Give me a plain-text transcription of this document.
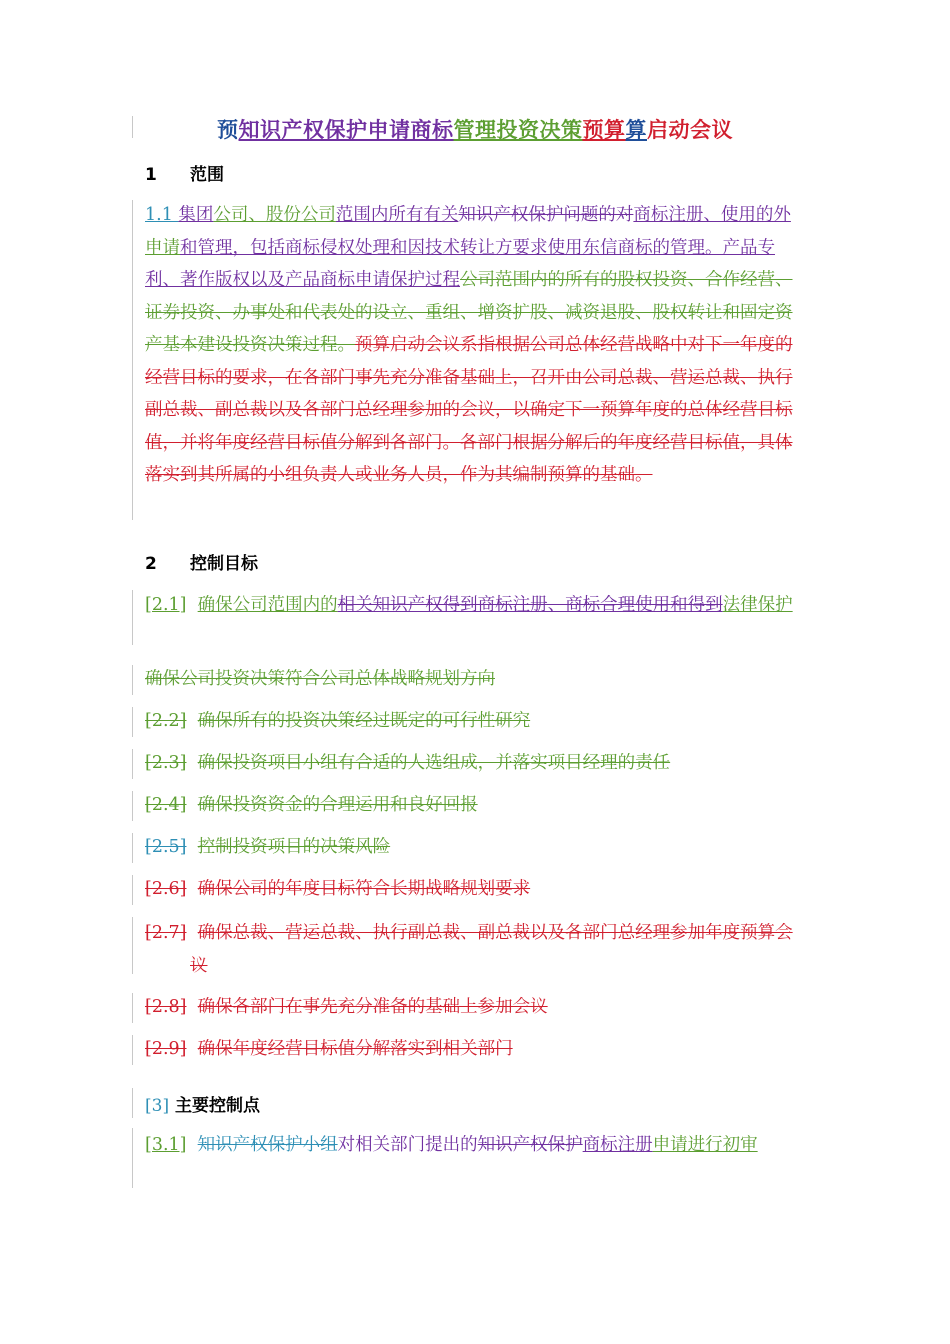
预知识产权保护申请商标管理投资决策预算算启动会议
1 范围
1.1 集团公司、股份公司范围内所有有关知识产权保护问题的对商标注册、使用的外申请和管理，包括商标侵权处理和因技术转让方要求使用东信商标的管理。产品专利、著作版权以及产品商标申请保护过程公司范围内的所有的股权投资、合作经营、证券投资、办事处和代表处的设立、重组、增资扩股、减资退股、股权转让和固定资产基本建设投资决策过程。预算启动会议系指根据公司总体经营战略中对下一年度的经营目标的要求，在各部门事先充分准备基础上，召开由公司总裁、营运总裁、执行副总裁、副总裁以及各部门总经理参加的会议，以确定下一预算年度的总体经营目标值，并将年度经营目标值分解到各部门。各部门根据分解后的年度经营目标值，具体落实到其所属的小组负责人或业务人员，作为其编制预算的基础。
2 控制目标
[2.1] 确保公司范围内的相关知识产权得到商标注册、商标合理使用和得到法律保护
确保公司投资决策符合公司总体战略规划方向
[2.2] 确保所有的投资决策经过既定的可行性研究
[2.3] 确保投资项目小组有合适的人选组成，并落实项目经理的责任
[2.4] 确保投资资金的合理运用和良好回报
[2.5] 控制投资项目的决策风险
[2.6] 确保公司的年度目标符合长期战略规划要求
[2.7] 确保总裁、营运总裁、执行副总裁、副总裁以及各部门总经理参加年度预算会议
[2.8] 确保各部门在事先充分准备的基础上参加会议
[2.9] 确保年度经营目标值分解落实到相关部门
[3] 主要控制点
[3.1] 知识产权保护小组对相关部门提出的知识产权保护商标注册申请进行初审
